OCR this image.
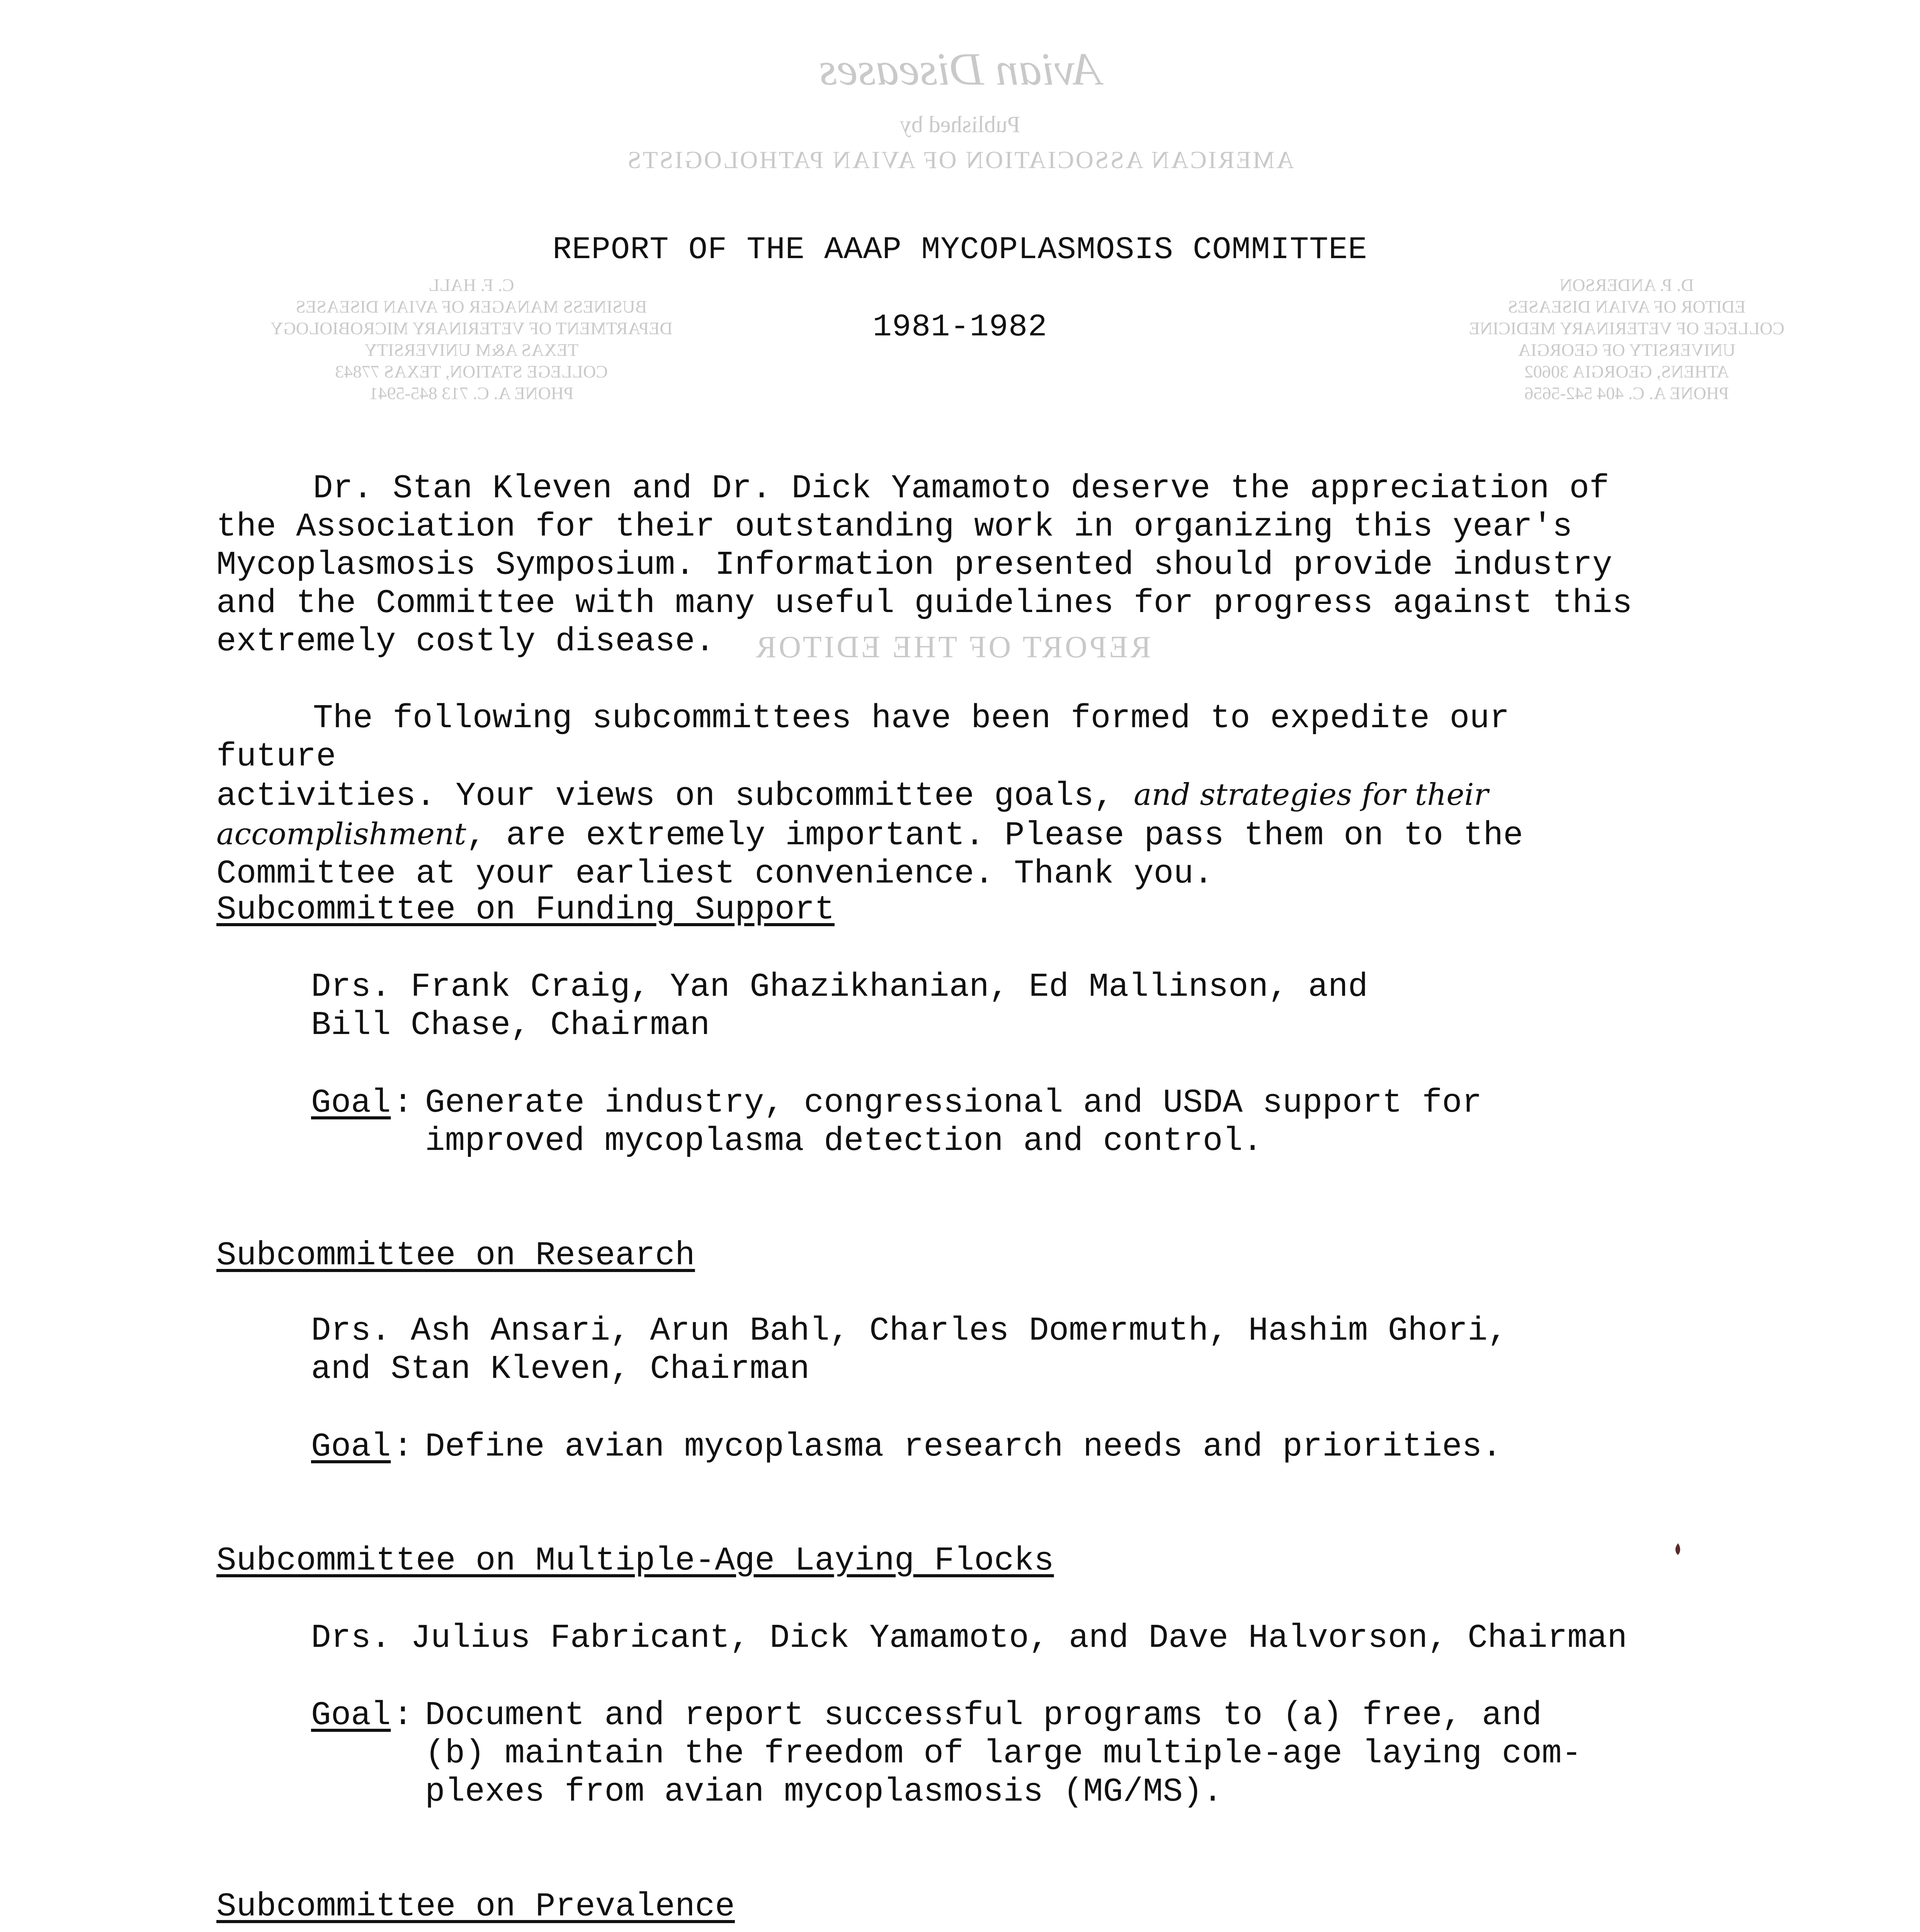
Avian Diseases
Published by
AMERICAN ASSOCIATION OF AVIAN PATHOLOGISTS
D. P. ANDERSON
EDITOR OF AVIAN DISEASES
COLLEGE OF VETERINARY MEDICINE
UNIVERSITY OF GEORGIA
ATHENS, GEORGIA 30602
PHONE A. C. 404 542-5656
C. F. HALL
BUSINESS MANAGER OF AVIAN DISEASES
DEPARTMENT OF VETERINARY MICROBIOLOGY
TEXAS A&M UNIVERSITY
COLLEGE STATION, TEXAS 77843
PHONE A. C. 713 845-5941
REPORT OF THE EDITOR
REPORT OF THE AAAP MYCOPLASMOSIS COMMITTEE
1981-1982
Dr. Stan Kleven and Dr. Dick Yamamoto deserve the appreciation of
the Association for their outstanding work in organizing this year's
Mycoplasmosis Symposium. Information presented should provide industry
and the Committee with many useful guidelines for progress against this
extremely costly disease.
The following subcommittees have been formed to expedite our future
activities. Your views on subcommittee goals, and strategies for their
accomplishment, are extremely important. Please pass them on to the
Committee at your earliest convenience. Thank you.
Subcommittee on Funding Support
Drs. Frank Craig, Yan Ghazikhanian, Ed Mallinson, and
Bill Chase, Chairman
Goal : Generate industry, congressional and USDA support for
improved mycoplasma detection and control.
Subcommittee on Research
Drs. Ash Ansari, Arun Bahl, Charles Domermuth, Hashim Ghori,
and Stan Kleven, Chairman
Goal : Define avian mycoplasma research needs and priorities.
Subcommittee on Multiple-Age Laying Flocks
Drs. Julius Fabricant, Dick Yamamoto, and Dave Halvorson, Chairman
Goal : Document and report successful programs to (a) free, and
(b) maintain the freedom of large multiple-age laying com-
plexes from avian mycoplasmosis (MG/MS).
Subcommittee on Prevalence
